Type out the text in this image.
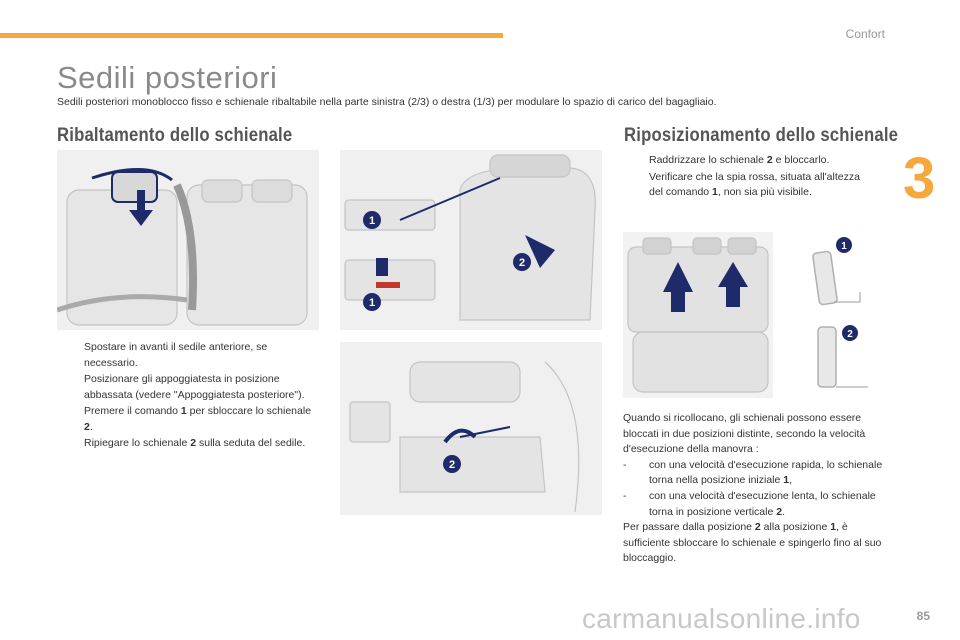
Confort
3
Sedili posteriori

Sedili posteriori monoblocco fisso e schienale ribaltabile nella parte sinistra (2/3) o destra (1/3) per modulare lo spazio di carico del bagagliaio.

Ribaltamento dello schienale	Riposizionamento dello schienale
1
1
2
2
1
2
Spostare in avanti il sedile anteriore, se necessario.
Posizionare gli appoggiatesta in posizione abbassata (vedere "Appoggiatesta posteriore").
Premere il comando 1 per sbloccare lo schienale 2.
Ripiegare lo schienale 2 sulla seduta del sedile.
Raddrizzare lo schienale 2 e bloccarlo.
Verificare che la spia rossa, situata all'altezza del comando 1, non sia più visibile.

Quando si ricollocano, gli schienali possono essere bloccati in due posizioni distinte, secondo la velocità d'esecuzione della manovra :

- con una velocità d'esecuzione rapida, lo schienale torna nella posizione iniziale 1,

- con una velocità d'esecuzione lenta, lo schienale torna in posizione verticale 2.

Per passare dalla posizione 2 alla posizione 1, è sufficiente sbloccare lo schienale e spingerlo fino al suo bloccaggio.

carmanualsonline.info	85
